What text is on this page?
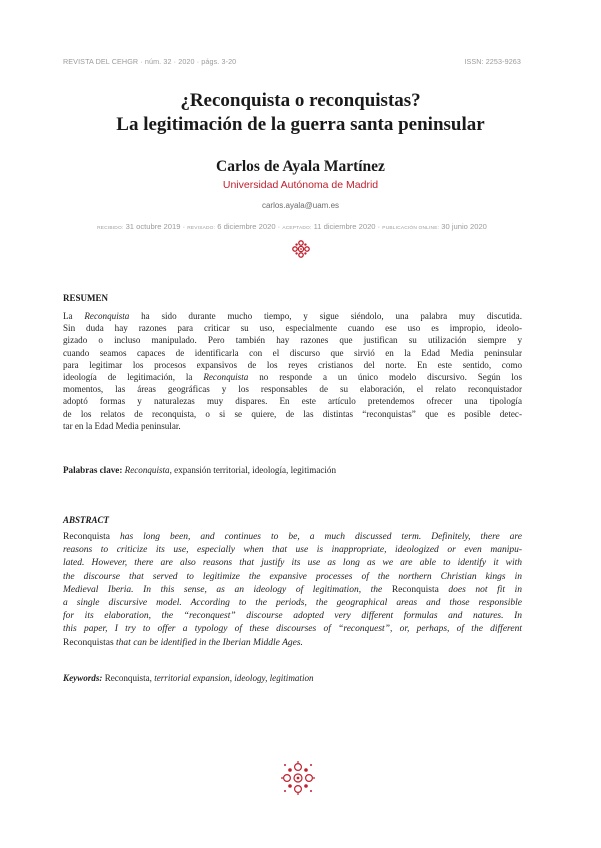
REVISTA DEL CEHGR · núm. 32 · 2020 · págs. 3-20	ISSN: 2253-9263
¿Reconquista o reconquistas?
La legitimación de la guerra santa peninsular
Carlos de Ayala Martínez
Universidad Autónoma de Madrid
carlos.ayala@uam.es
RECIBIDO: 31 octubre 2019 · REVISADO: 6 diciembre 2020 · ACEPTADO: 11 diciembre 2020 · PUBLICACIÓN ONLINE: 30 junio 2020
RESUMEN
La Reconquista ha sido durante mucho tiempo, y sigue siéndolo, una palabra muy discutida.
Sin duda hay razones para criticar su uso, especialmente cuando ese uso es impropio, ideolo-
gizado o incluso manipulado. Pero también hay razones que justifican su utilización siempre y
cuando seamos capaces de identificarla con el discurso que sirvió en la Edad Media peninsular
para legitimar los procesos expansivos de los reyes cristianos del norte. En este sentido, como
ideología de legitimación, la Reconquista no responde a un único modelo discursivo. Según los
momentos, las áreas geográficas y los responsables de su elaboración, el relato reconquistador
adoptó formas y naturalezas muy dispares. En este artículo pretendemos ofrecer una tipología
de los relatos de reconquista, o si se quiere, de las distintas “reconquistas” que es posible detec-
tar en la Edad Media peninsular.
Palabras clave: Reconquista, expansión territorial, ideología, legitimación
ABSTRACT
Reconquista has long been, and continues to be, a much discussed term. Definitely, there are
reasons to criticize its use, especially when that use is inappropriate, ideologized or even manipu-
lated. However, there are also reasons that justify its use as long as we are able to identify it with
the discourse that served to legitimize the expansive processes of the northern Christian kings in
Medieval Iberia. In this sense, as an ideology of legitimation, the Reconquista does not fit in
a single discursive model. According to the periods, the geographical areas and those responsible
for its elaboration, the “reconquest” discourse adopted very different formulas and natures. In
this paper, I try to offer a typology of these discourses of “reconquest”, or, perhaps, of the different
Reconquistas that can be identified in the Iberian Middle Ages.
Keywords: Reconquista, territorial expansion, ideology, legitimation
